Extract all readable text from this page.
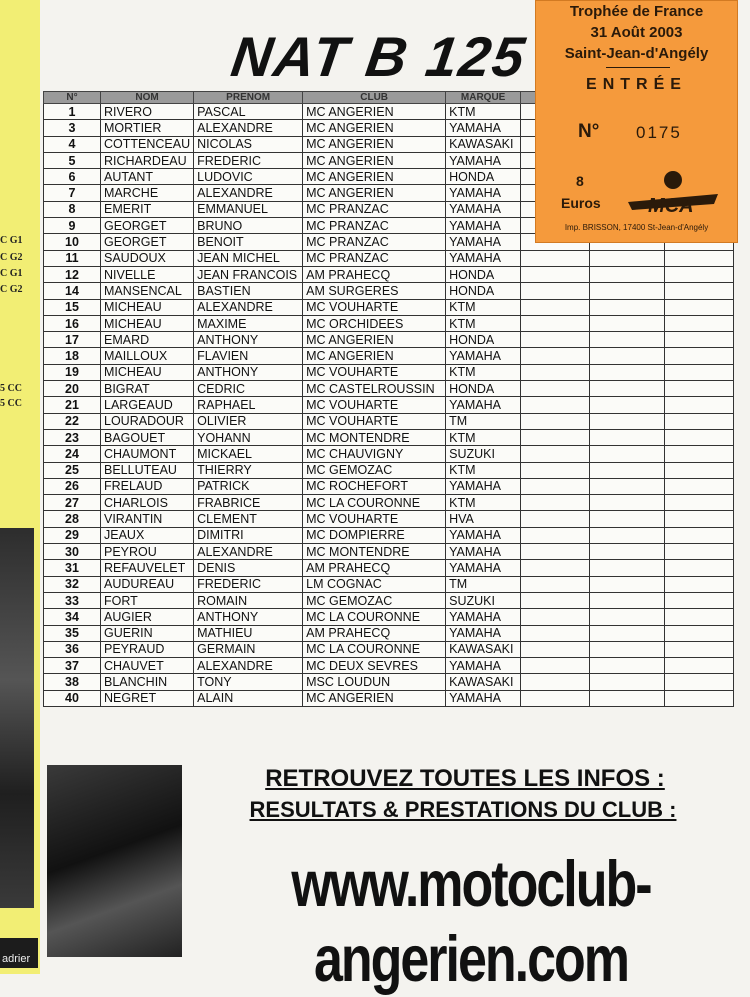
C G1
C G2
C G1
C G2
5 CC
5 CC
adrier
NAT B 125
N°	NOM	PRENOM	CLUB	MARQUE			
1	RIVERO	PASCAL	MC ANGERIEN	KTM			
3	MORTIER	ALEXANDRE	MC ANGERIEN	YAMAHA			
4	COTTENCEAU	NICOLAS	MC ANGERIEN	KAWASAKI			
5	RICHARDEAU	FREDERIC	MC ANGERIEN	YAMAHA			
6	AUTANT	LUDOVIC	MC ANGERIEN	HONDA			
7	MARCHE	ALEXANDRE	MC ANGERIEN	YAMAHA			
8	EMERIT	EMMANUEL	MC PRANZAC	YAMAHA			
9	GEORGET	BRUNO	MC PRANZAC	YAMAHA			
10	GEORGET	BENOIT	MC PRANZAC	YAMAHA			
11	SAUDOUX	JEAN MICHEL	MC PRANZAC	YAMAHA			
12	NIVELLE	JEAN FRANCOIS	AM PRAHECQ	HONDA			
14	MANSENCAL	BASTIEN	AM SURGERES	HONDA			
15	MICHEAU	ALEXANDRE	MC VOUHARTE	KTM			
16	MICHEAU	MAXIME	MC ORCHIDEES	KTM			
17	EMARD	ANTHONY	MC ANGERIEN	HONDA			
18	MAILLOUX	FLAVIEN	MC ANGERIEN	YAMAHA			
19	MICHEAU	ANTHONY	MC VOUHARTE	KTM			
20	BIGRAT	CEDRIC	MC CASTELROUSSIN	HONDA			
21	LARGEAUD	RAPHAEL	MC VOUHARTE	YAMAHA			
22	LOURADOUR	OLIVIER	MC VOUHARTE	TM			
23	BAGOUET	YOHANN	MC MONTENDRE	KTM			
24	CHAUMONT	MICKAEL	MC CHAUVIGNY	SUZUKI			
25	BELLUTEAU	THIERRY	MC GEMOZAC	KTM			
26	FRELAUD	PATRICK	MC ROCHEFORT	YAMAHA			
27	CHARLOIS	FRABRICE	MC LA COURONNE	KTM			
28	VIRANTIN	CLEMENT	MC VOUHARTE	HVA			
29	JEAUX	DIMITRI	MC DOMPIERRE	YAMAHA			
30	PEYROU	ALEXANDRE	MC MONTENDRE	YAMAHA			
31	REFAUVELET	DENIS	AM PRAHECQ	YAMAHA			
32	AUDUREAU	FREDERIC	LM COGNAC	TM			
33	FORT	ROMAIN	MC GEMOZAC	SUZUKI			
34	AUGIER	ANTHONY	MC LA COURONNE	YAMAHA			
35	GUERIN	MATHIEU	AM PRAHECQ	YAMAHA			
36	PEYRAUD	GERMAIN	MC LA COURONNE	KAWASAKI			
37	CHAUVET	ALEXANDRE	MC DEUX SEVRES	YAMAHA			
38	BLANCHIN	TONY	MSC LOUDUN	KAWASAKI			
40	NEGRET	ALAIN	MC ANGERIEN	YAMAHA			
Trophée de France
31 Août 2003
Saint-Jean-d'Angély
ENTRÉE
N° 0175
8
Euros MCA
Imp. BRISSON, 17400 St-Jean-d'Angély
RETROUVEZ TOUTES LES INFOS :
RESULTATS & PRESTATIONS DU CLUB :
www.motoclub-angerien.com
